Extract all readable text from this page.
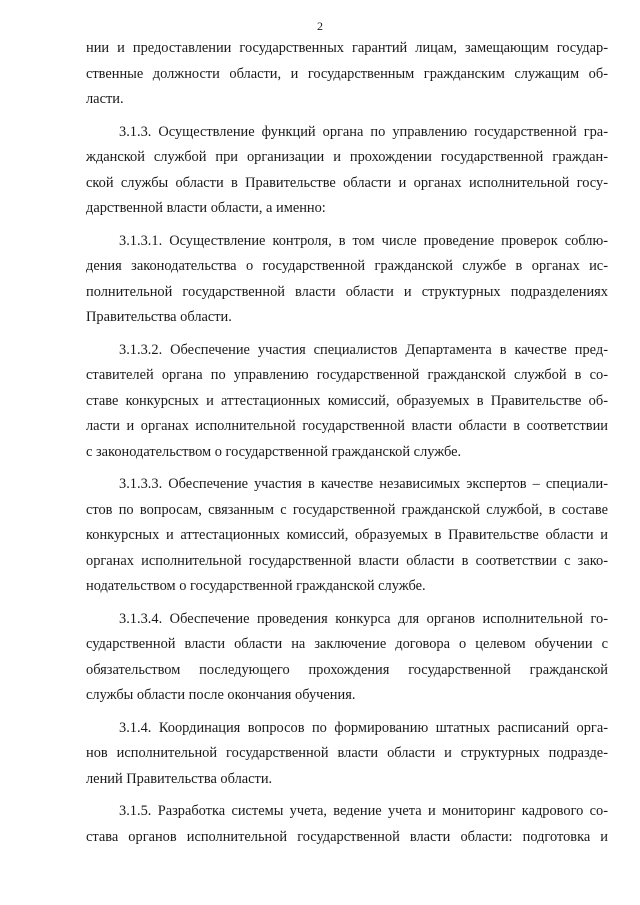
2
нии и предоставлении государственных гарантий лицам, замещающим государ-
ственные должности области, и государственным гражданским служащим об-
ласти.
3.1.3. Осуществление функций органа по управлению государственной гра-
жданской службой при организации и прохождении государственной граждан-
ской службы области в Правительстве области и органах исполнительной госу-
дарственной власти области, а именно:
3.1.3.1. Осуществление контроля, в том числе проведение проверок соблю-
дения законодательства о государственной гражданской службе в органах ис-
полнительной государственной власти области и структурных подразделениях
Правительства области.
3.1.3.2. Обеспечение участия специалистов Департамента в качестве пред-
ставителей органа по управлению государственной гражданской службой в со-
ставе конкурсных и аттестационных комиссий, образуемых в Правительстве об-
ласти и органах исполнительной государственной власти области в соответствии
с законодательством о государственной гражданской службе.
3.1.3.3. Обеспечение участия в качестве независимых экспертов – специали-
стов по вопросам, связанным с государственной гражданской службой, в составе
конкурсных и аттестационных комиссий, образуемых в Правительстве области и
органах исполнительной государственной власти области в соответствии с зако-
нодательством о государственной гражданской службе.
3.1.3.4. Обеспечение проведения конкурса для органов исполнительной го-
сударственной власти области на заключение договора о целевом обучении с
обязательством последующего прохождения государственной гражданской
службы области после окончания обучения.
3.1.4. Координация вопросов по формированию штатных расписаний орга-
нов исполнительной государственной власти области и структурных подразде-
лений Правительства области.
3.1.5. Разработка системы учета, ведение учета и мониторинг кадрового со-
става органов исполнительной государственной власти области: подготовка и
